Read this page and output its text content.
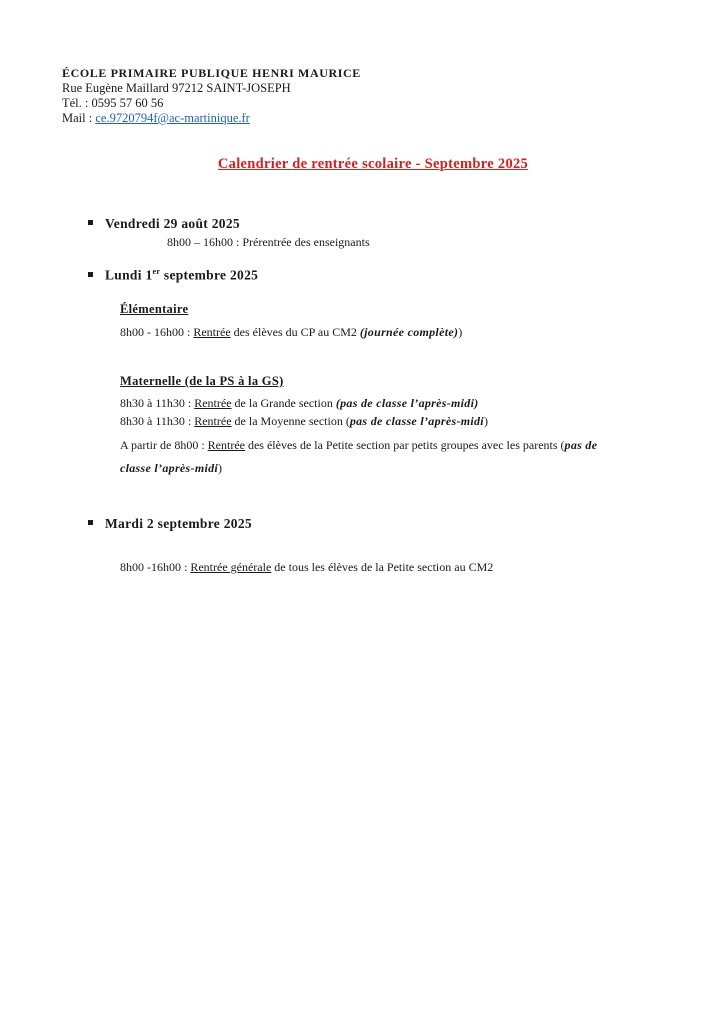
ÉCOLE PRIMAIRE PUBLIQUE HENRI MAURICE
Rue Eugène Maillard 97212 SAINT-JOSEPH
Tél. : 0595 57 60 56
Mail : ce.9720794f@ac-martinique.fr
Calendrier de rentrée scolaire - Septembre 2025
Vendredi 29 août 2025
8h00 – 16h00 : Prérentrée des enseignants
Lundi 1er septembre 2025
Élémentaire
8h00 - 16h00 : Rentrée des élèves du CP au CM2 (journée complète))
Maternelle (de la PS à la GS)
8h30 à 11h30 : Rentrée de la Grande section (pas de classe l’après-midi)
8h30 à 11h30 : Rentrée de la Moyenne section (pas de classe l’après-midi)
A partir de 8h00 : Rentrée des élèves de la Petite section par petits groupes avec les parents (pas de
classe l’après-midi)
Mardi 2 septembre 2025
8h00 -16h00 : Rentrée générale de tous les élèves de la Petite section au CM2
